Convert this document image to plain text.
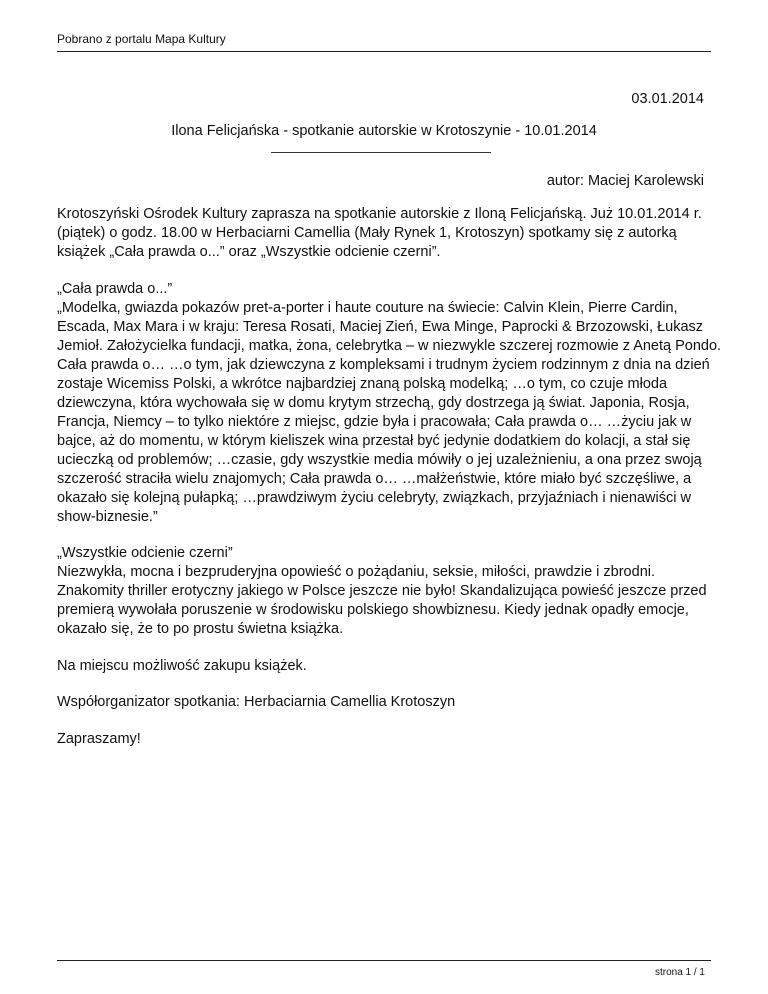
Pobrano z portalu Mapa Kultury
03.01.2014
Ilona Felicjańska - spotkanie autorskie w Krotoszynie - 10.01.2014
autor: Maciej Karolewski

Krotoszyński Ośrodek Kultury zaprasza na spotkanie autorskie z Iloną Felicjańską. Już 10.01.2014 r.
(piątek) o godz. 18.00 w Herbaciarni Camellia (Mały Rynek 1, Krotoszyn) spotkamy się z autorką
książek „Cała prawda o...” oraz „Wszystkie odcienie czerni”.

„Cała prawda o...”
„Modelka, gwiazda pokazów pret-a-porter i haute couture na świecie: Calvin Klein, Pierre Cardin,
Escada, Max Mara i w kraju: Teresa Rosati, Maciej Zień, Ewa Minge, Paprocki & Brzozowski, Łukasz
Jemioł. Założycielka fundacji, matka, żona, celebrytka – w niezwykle szczerej rozmowie z Anetą Pondo.
Cała prawda o… …o tym, jak dziewczyna z kompleksami i trudnym życiem rodzinnym z dnia na dzień
zostaje Wicemiss Polski, a wkrótce najbardziej znaną polską modelką; …o tym, co czuje młoda
dziewczyna, która wychowała się w domu krytym strzechą, gdy dostrzega ją świat. Japonia, Rosja,
Francja, Niemcy – to tylko niektóre z miejsc, gdzie była i pracowała; Cała prawda o… …życiu jak w
bajce, aż do momentu, w którym kieliszek wina przestał być jedynie dodatkiem do kolacji, a stał się
ucieczką od problemów; …czasie, gdy wszystkie media mówiły o jej uzależnieniu, a ona przez swoją
szczerość straciła wielu znajomych; Cała prawda o… …małżeństwie, które miało być szczęśliwe, a
okazało się kolejną pułapką; …prawdziwym życiu celebryty, związkach, przyjaźniach i nienawiści w
show-biznesie.”

„Wszystkie odcienie czerni”
Niezwykła, mocna i bezpruderyjna opowieść o pożądaniu, seksie, miłości, prawdzie i zbrodni.
Znakomity thriller erotyczny jakiego w Polsce jeszcze nie było! Skandalizująca powieść jeszcze przed
premierą wywołała poruszenie w środowisku polskiego showbiznesu. Kiedy jednak opadły emocje,
okazało się, że to po prostu świetna książka.

Na miejscu możliwość zakupu książek.

Współorganizator spotkania: Herbaciarnia Camellia Krotoszyn

Zapraszamy!

strona 1 / 1
